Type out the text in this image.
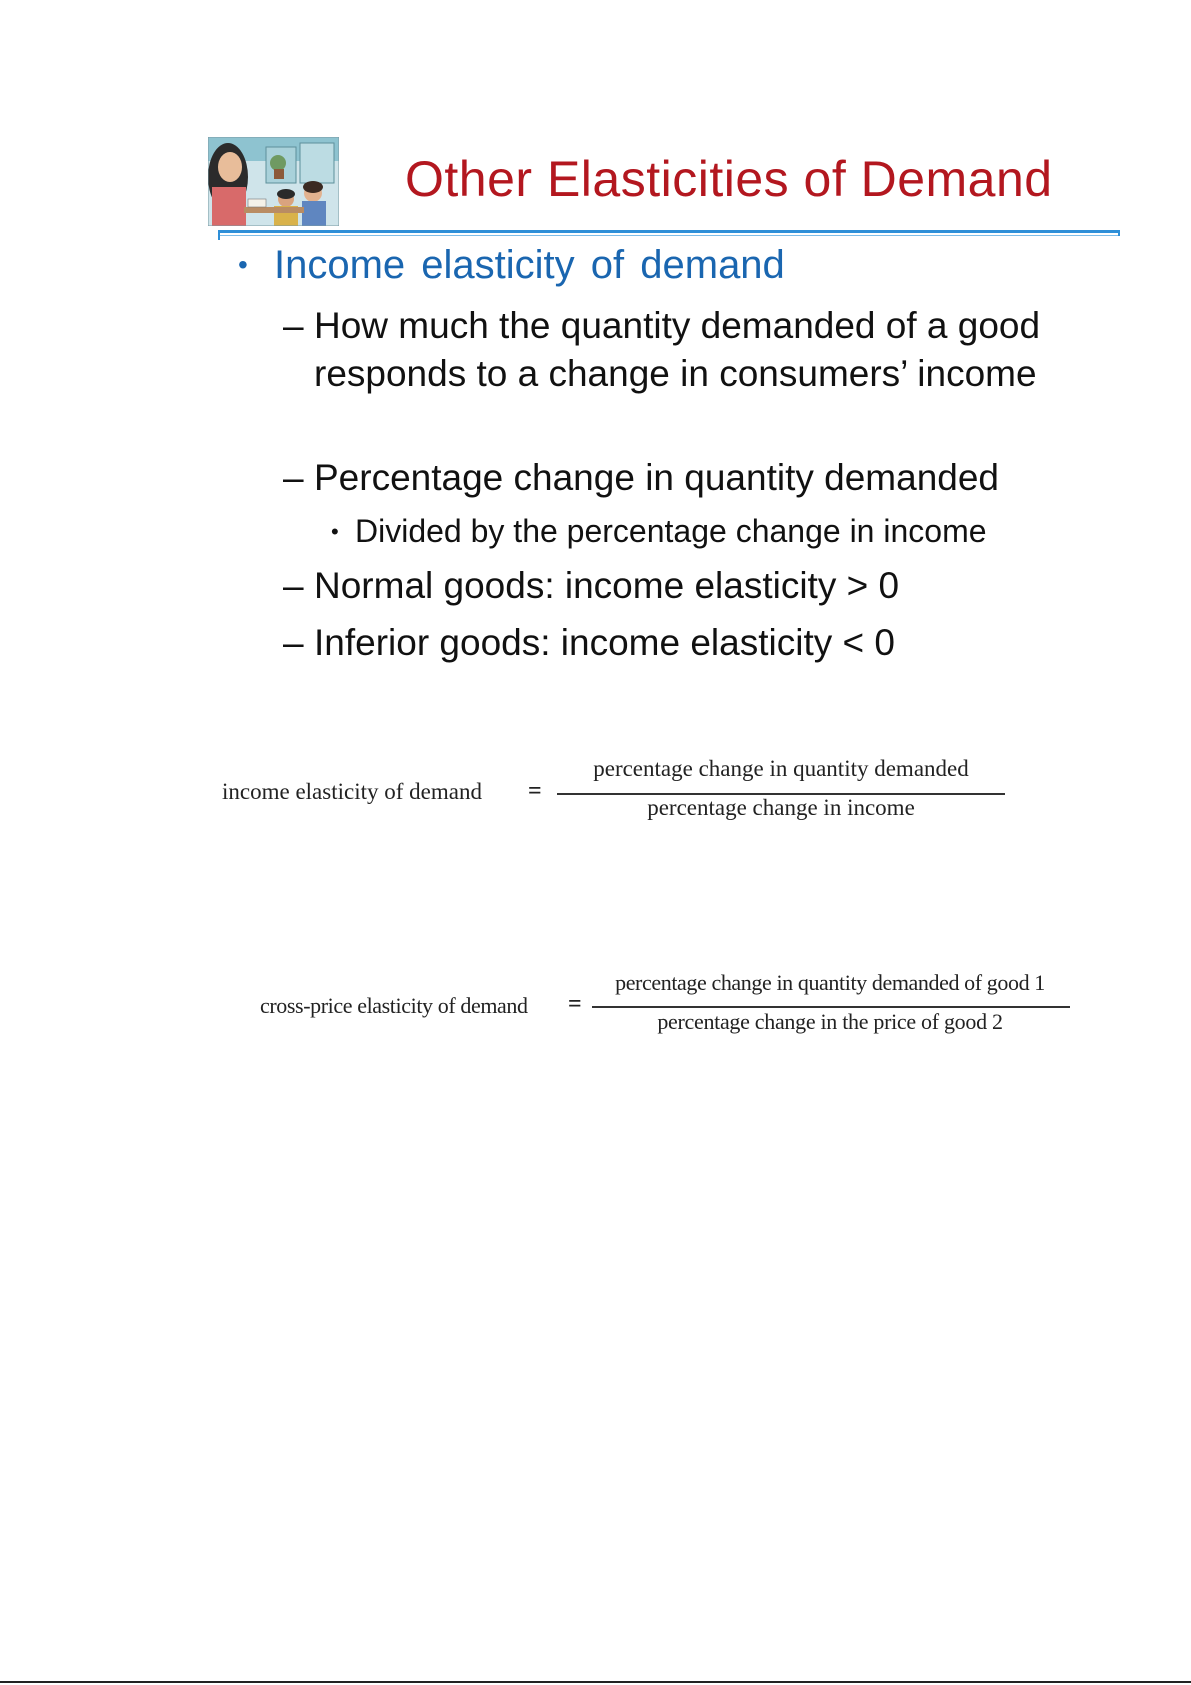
Other Elasticities of Demand
• Income elasticity of demand
– How much the quantity demanded of a good responds to a change in consumers’ income
– Percentage change in quantity demanded
• Divided by the percentage change in income
– Normal goods: income elasticity > 0
– Inferior goods: income elasticity < 0
income elasticity of demand =
percentage change in quantity demanded
percentage change in income
cross-price elasticity of demand =
percentage change in quantity demanded of good 1
percentage change in the price of good 2
